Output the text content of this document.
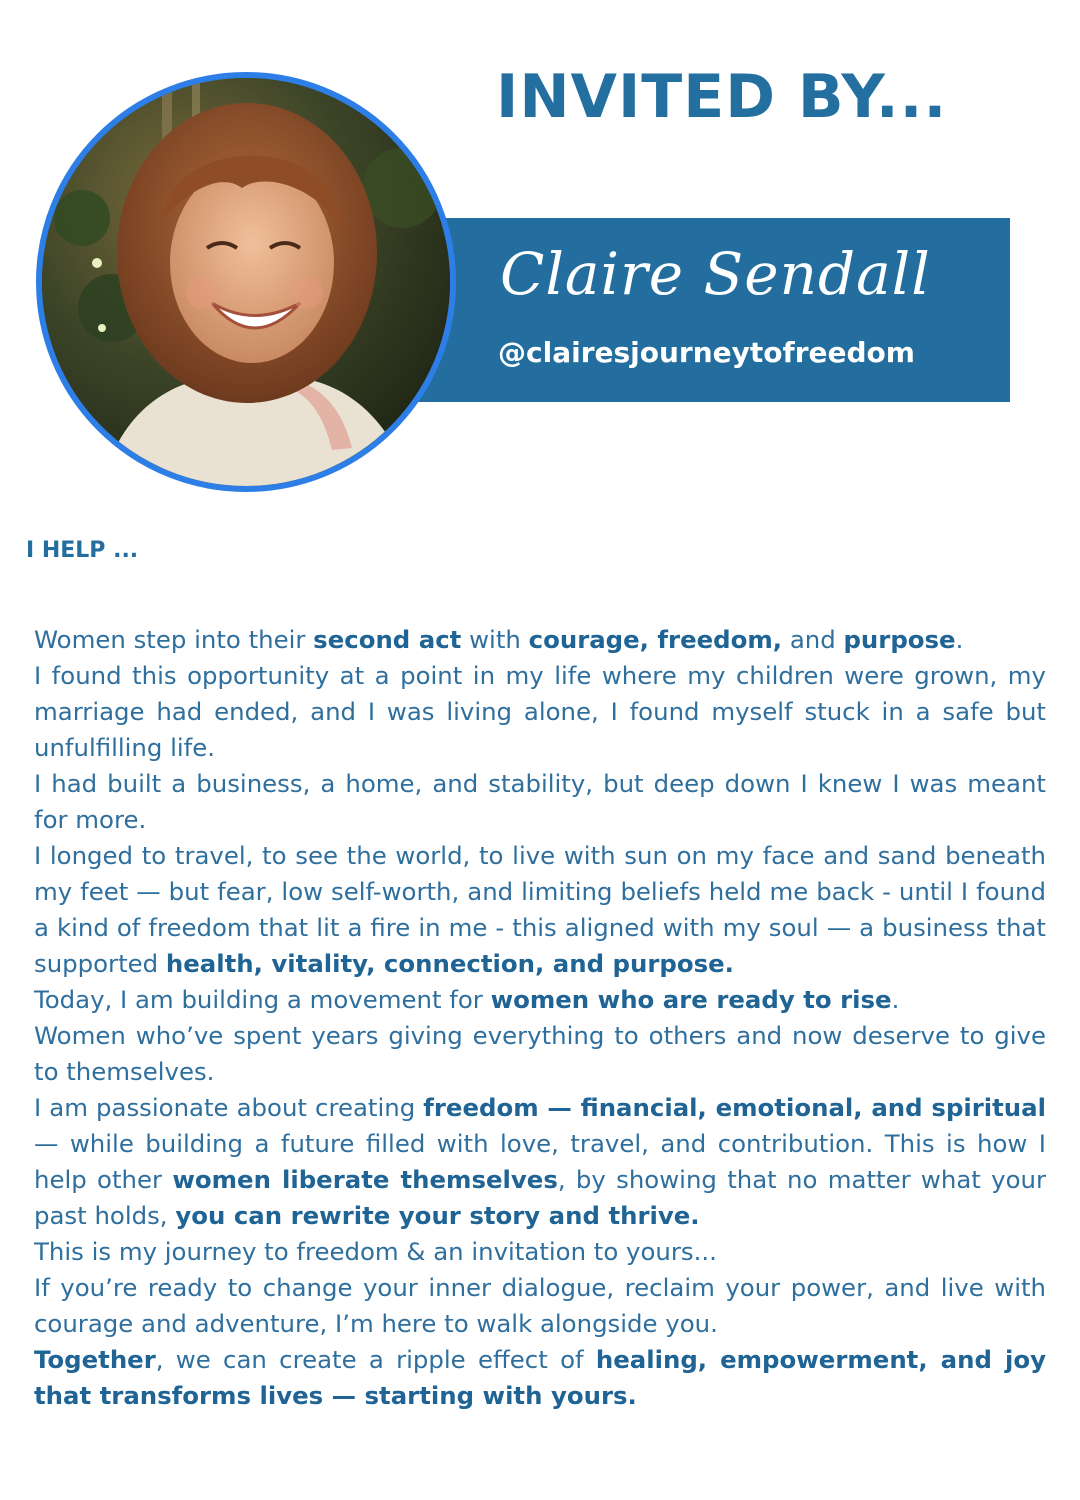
INVITED BY...
Claire Sendall
@clairesjourneytofreedom
I HELP ...

Women step into their second act with courage, freedom, and purpose.

I found this opportunity at a point in my life where my children were grown, my marriage had ended, and I was living alone, I found myself stuck in a safe but unfulfilling life.

I had built a business, a home, and stability, but deep down I knew I was meant for more.

I longed to travel, to see the world, to live with sun on my face and sand beneath my feet — but fear, low self-worth, and limiting beliefs held me back - until I found a kind of freedom that lit a fire in me - this aligned with my soul — a business that supported health, vitality, connection, and purpose.

Today, I am building a movement for women who are ready to rise.

Women who’ve spent years giving everything to others and now deserve to give to themselves.

I am passionate about creating freedom — financial, emotional, and spiritual — while building a future filled with love, travel, and contribution. This is how I help other women liberate themselves, by showing that no matter what your past holds, you can rewrite your story and thrive.

This is my journey to freedom & an invitation to yours...

If you’re ready to change your inner dialogue, reclaim your power, and live with courage and adventure, I’m here to walk alongside you.

Together, we can create a ripple effect of healing, empowerment, and joy that transforms lives — starting with yours.
